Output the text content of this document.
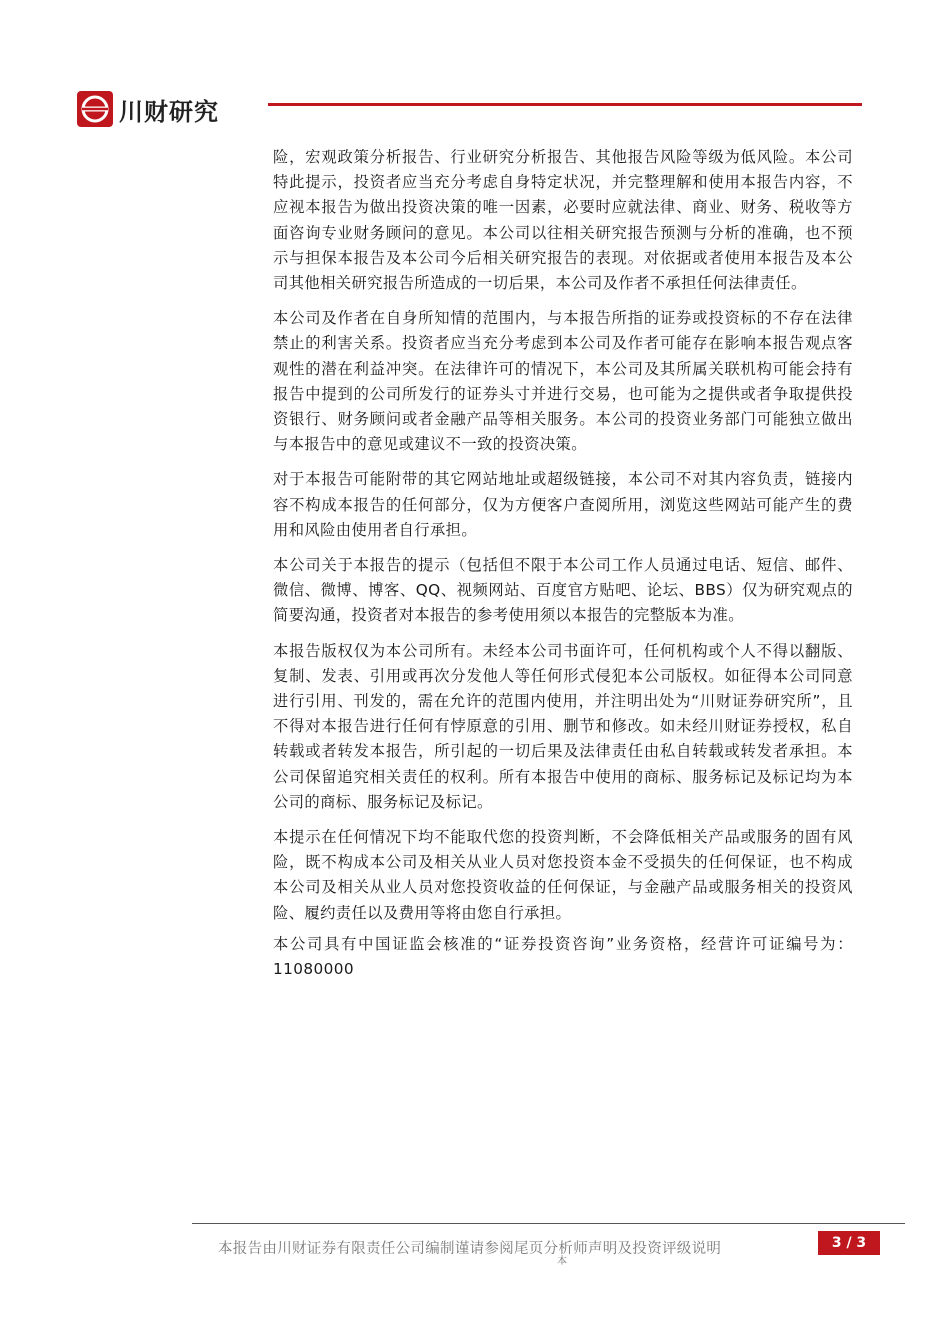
川财研究

险，宏观政策分析报告、行业研究分析报告、其他报告风险等级为低风险。本公司特此提示，投资者应当充分考虑自身特定状况，并完整理解和使用本报告内容，不应视本报告为做出投资决策的唯一因素，必要时应就法律、商业、财务、税收等方面咨询专业财务顾问的意见。本公司以往相关研究报告预测与分析的准确，也不预示与担保本报告及本公司今后相关研究报告的表现。对依据或者使用本报告及本公司其他相关研究报告所造成的一切后果，本公司及作者不承担任何法律责任。

本公司及作者在自身所知情的范围内，与本报告所指的证券或投资标的不存在法律禁止的利害关系。投资者应当充分考虑到本公司及作者可能存在影响本报告观点客观性的潜在利益冲突。在法律许可的情况下，本公司及其所属关联机构可能会持有报告中提到的公司所发行的证券头寸并进行交易，也可能为之提供或者争取提供投资银行、财务顾问或者金融产品等相关服务。本公司的投资业务部门可能独立做出与本报告中的意见或建议不一致的投资决策。

对于本报告可能附带的其它网站地址或超级链接，本公司不对其内容负责，链接内容不构成本报告的任何部分，仅为方便客户查阅所用，浏览这些网站可能产生的费用和风险由使用者自行承担。

本公司关于本报告的提示（包括但不限于本公司工作人员通过电话、短信、邮件、微信、微博、博客、QQ、视频网站、百度官方贴吧、论坛、BBS）仅为研究观点的简要沟通，投资者对本报告的参考使用须以本报告的完整版本为准。

本报告版权仅为本公司所有。未经本公司书面许可，任何机构或个人不得以翻版、复制、发表、引用或再次分发他人等任何形式侵犯本公司版权。如征得本公司同意进行引用、刊发的，需在允许的范围内使用，并注明出处为“川财证券研究所”，且不得对本报告进行任何有悖原意的引用、删节和修改。如未经川财证券授权，私自转载或者转发本报告，所引起的一切后果及法律责任由私自转载或转发者承担。本公司保留追究相关责任的权利。所有本报告中使用的商标、服务标记及标记均为本公司的商标、服务标记及标记。

本提示在任何情况下均不能取代您的投资判断，不会降低相关产品或服务的固有风险，既不构成本公司及相关从业人员对您投资本金不受损失的任何保证，也不构成本公司及相关从业人员对您投资收益的任何保证，与金融产品或服务相关的投资风险、履约责任以及费用等将由您自行承担。

本公司具有中国证监会核准的“证券投资咨询”业务资格，经营许可证编号为：11080000

本报告由川财证券有限责任公司编制谨请参阅尾页分析师声明及投资评级说明
本
3 / 3
